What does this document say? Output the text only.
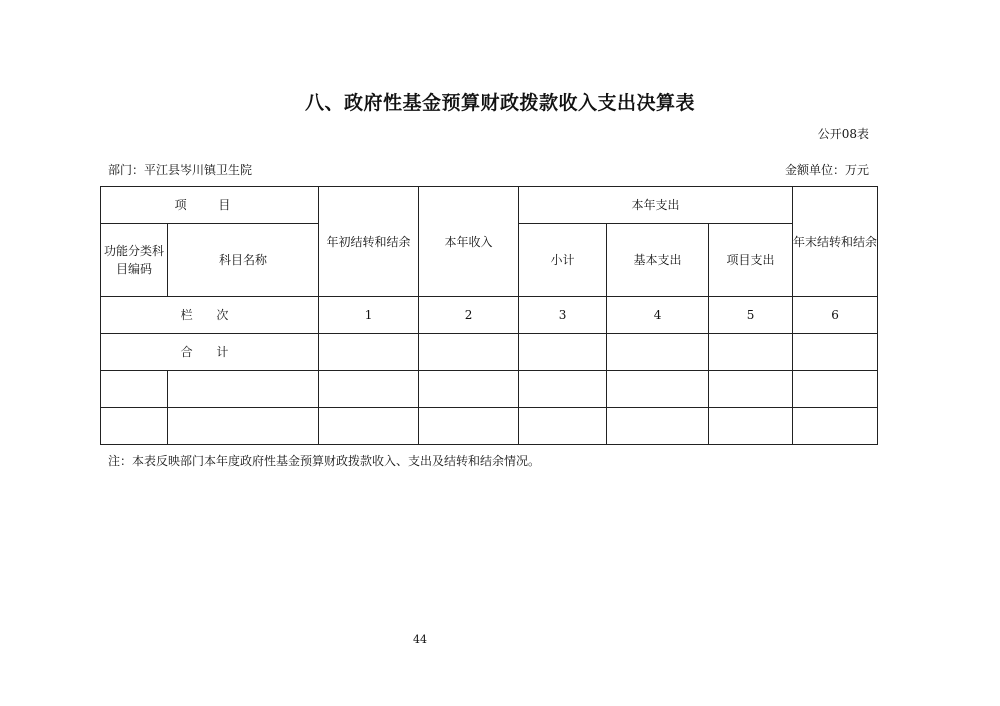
八、政府性基金预算财政拨款收入支出决算表
公开08表
部门：平江县岑川镇卫生院	金额单位：万元
项 目		年初结转和结余	本年收入	本年支出			年末结转和结余
功能分类科目编码	科目名称			小计	基本支出	项目支出	
栏 次		1	2	3	4	5	6
合 计							

注：本表反映部门本年度政府性基金预算财政拨款收入、支出及结转和结余情况。
44
